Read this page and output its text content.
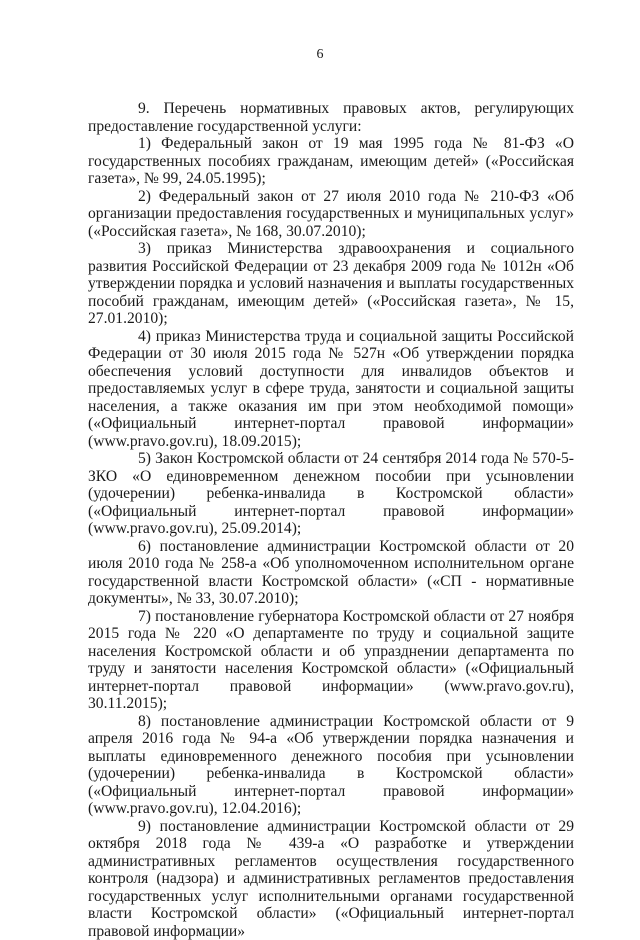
6

9. Перечень нормативных правовых актов, регулирующих предоставление государственной услуги:

1) Федеральный закон от 19 мая 1995 года № 81-ФЗ «О государственных пособиях гражданам, имеющим детей» («Российская газета», № 99, 24.05.1995);

2) Федеральный закон от 27 июля 2010 года № 210-ФЗ «Об организации предоставления государственных и муниципальных услуг» («Российская газета», № 168, 30.07.2010);

3) приказ Министерства здравоохранения и социального развития Российской Федерации от 23 декабря 2009 года № 1012н «Об утверждении порядка и условий назначения и выплаты государственных пособий гражданам, имеющим детей» («Российская газета», № 15, 27.01.2010);

4) приказ Министерства труда и социальной защиты Российской Федерации от 30 июля 2015 года № 527н «Об утверждении порядка обеспечения условий доступности для инвалидов объектов и предоставляемых услуг в сфере труда, занятости и социальной защиты населения, а также оказания им при этом необходимой помощи» («Официальный интернет-портал правовой информации» (www.pravo.gov.ru), 18.09.2015);

5) Закон Костромской области от 24 сентября 2014 года № 570-5-ЗКО «О единовременном денежном пособии при усыновлении (удочерении) ребенка-инвалида в Костромской области» («Официальный интернет-портал правовой информации» (www.pravo.gov.ru), 25.09.2014);

6) постановление администрации Костромской области от 20 июля 2010 года № 258-а «Об уполномоченном исполнительном органе государственной власти Костромской области» («СП - нормативные документы», № 33, 30.07.2010);

7) постановление губернатора Костромской области от 27 ноября 2015 года № 220 «О департаменте по труду и социальной защите населения Костромской области и об упразднении департамента по труду и занятости населения Костромской области» («Официальный интернет-портал правовой информации» (www.pravo.gov.ru), 30.11.2015);

8) постановление администрации Костромской области от 9 апреля 2016 года № 94-а «Об утверждении порядка назначения и выплаты единовременного денежного пособия при усыновлении (удочерении) ребенка-инвалида в Костромской области» («Официальный интернет-портал правовой информации» (www.pravo.gov.ru), 12.04.2016);

9) постановление администрации Костромской области от 29 октября 2018 года № 439-а «О разработке и утверждении административных регламентов осуществления государственного контроля (надзора) и административных регламентов предоставления государственных услуг исполнительными органами государственной власти Костромской области» («Официальный интернет-портал правовой информации»
